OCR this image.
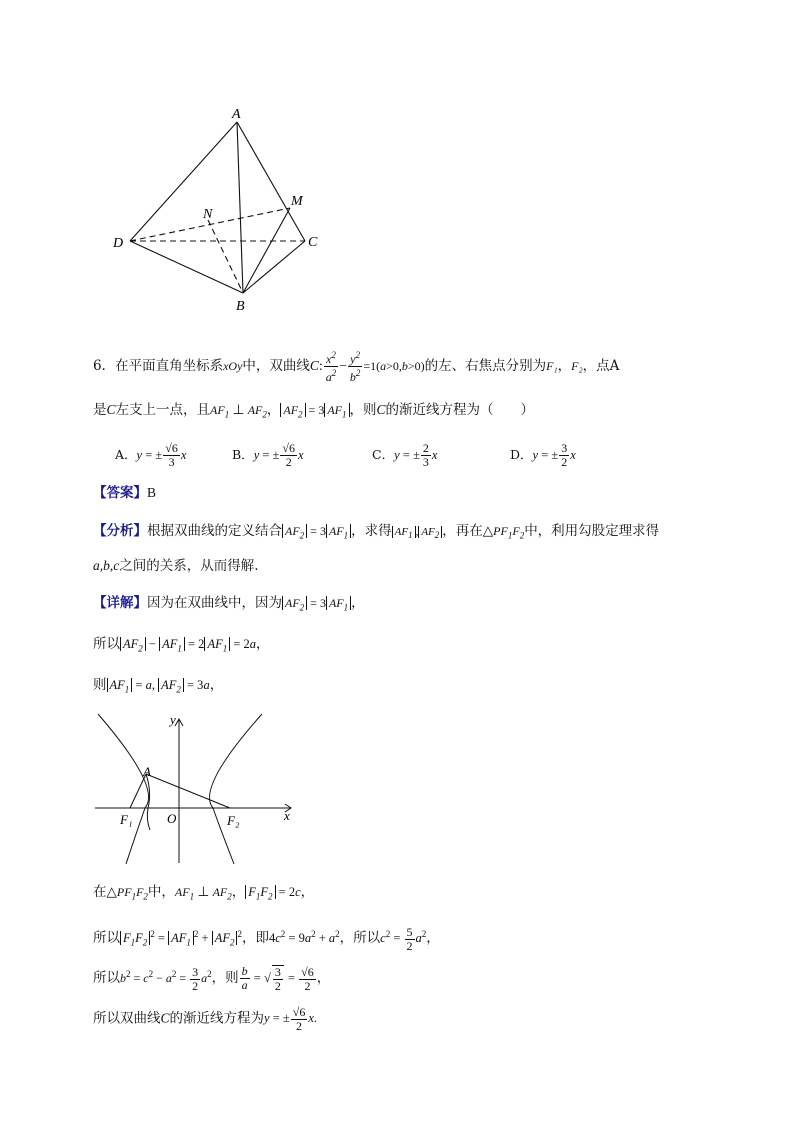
A
M
N
D	C
B
6．在平面直角坐标系xOy中，双曲线C: $\frac{x^2}{a^2} - \frac{y^2}{b^2} =1(a>0,b>0)$的左、右焦点分别为F₁，F₂，点A
是C左支上一点，且$AF_1$ ⊥ $AF_2$， $AF_2 = 3$ $AF_1$ ，则C的渐近线方程为（　　）
A．y = ± $\frac{√6}{3}$ x	B．y = ± $\frac{√6}{2}$ x	C．y = ± $\frac{2}{3}$ x	D．y = ± $\frac{3}{2}$ x
【答案】B
【分析】根据双曲线的定义结合 $AF_2 = 3$ $AF_1$ ，求得 $AF_1$ , $AF_2$ ，再在$\triangle PF_1F_2$中，利用勾股定理求得
a,b,c之间的关系，从而得解.
【详解】因为在双曲线中，因为 $AF_2 = 3$ $AF_1$ ，
所以 $AF_2 - AF_1 = 2$ $AF_1 = 2a$，
则 $AF_1 = a$, $AF_2 = 3a$，
y
x
A
O
F₁	F₂
在$\triangle PF_1F_2$中，$AF_1$ ⊥ $AF_2$， $F_1F_2 = 2c$，
所以 $F_1F_2^2 = AF_1^2 + AF_2^2$，即$4c^2 = 9a^2 + a^2$，所以$c^2 = \frac{5}{2} a^2$，
所以$b^2 = c^2 - a^2 = \frac{3}{2} a^2$，则 $\frac{b}{a}$ = √ $\frac{3}{2} = \frac{√6}{2}$ ，
所以双曲线C的渐近线方程为y = ± $\frac{√6}{2} x$.
